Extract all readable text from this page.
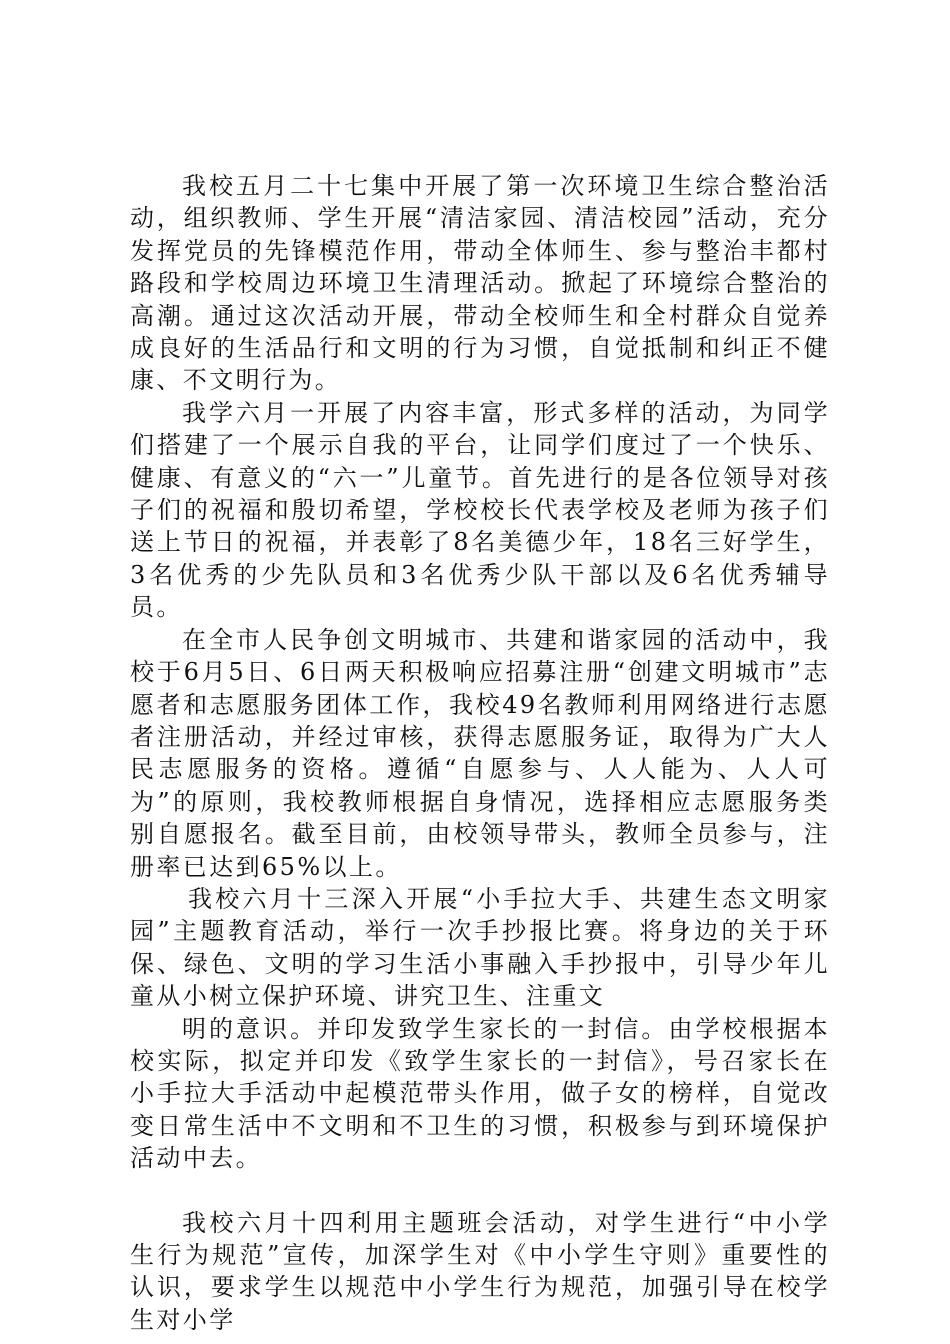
我校五月二十七集中开展了第一次环境卫生综合整治活动，组织教师、学生开展“清洁家园、清洁校园”活动，充分发挥党员的先锋模范作用，带动全体师生、参与整治丰都村路段和学校周边环境卫生清理活动。掀起了环境综合整治的高潮。通过这次活动开展，带动全校师生和全村群众自觉养成良好的生活品行和文明的行为习惯，自觉抵制和纠正不健康、不文明行为。

我学六月一开展了内容丰富，形式多样的活动，为同学们搭建了一个展示自我的平台，让同学们度过了一个快乐、健康、有意义的“六一”儿童节。首先进行的是各位领导对孩子们的祝福和殷切希望，学校校长代表学校及老师为孩子们送上节日的祝福，并表彰了8名美德少年，18名三好学生，3名优秀的少先队员和3名优秀少队干部以及6名优秀辅导员。

在全市人民争创文明城市、共建和谐家园的活动中，我校于6月5日、6日两天积极响应招募注册“创建文明城市”志愿者和志愿服务团体工作，我校49名教师利用网络进行志愿者注册活动，并经过审核，获得志愿服务证，取得为广大人民志愿服务的资格。遵循“自愿参与、人人能为、人人可为”的原则，我校教师根据自身情况，选择相应志愿服务类别自愿报名。截至目前，由校领导带头，教师全员参与，注册率已达到65%以上。

我校六月十三深入开展“小手拉大手、共建生态文明家园”主题教育活动，举行一次手抄报比赛。将身边的关于环保、绿色、文明的学习生活小事融入手抄报中，引导少年儿童从小树立保护环境、讲究卫生、注重文

明的意识。并印发致学生家长的一封信。由学校根据本校实际，拟定并印发《致学生家长的一封信》，号召家长在小手拉大手活动中起模范带头作用，做子女的榜样，自觉改变日常生活中不文明和不卫生的习惯，积极参与到环境保护活动中去。

我校六月十四利用主题班会活动，对学生进行“中小学生行为规范”宣传，加深学生对《中小学生守则》重要性的认识，要求学生以规范中小学生行为规范，加强引导在校学生对小学
